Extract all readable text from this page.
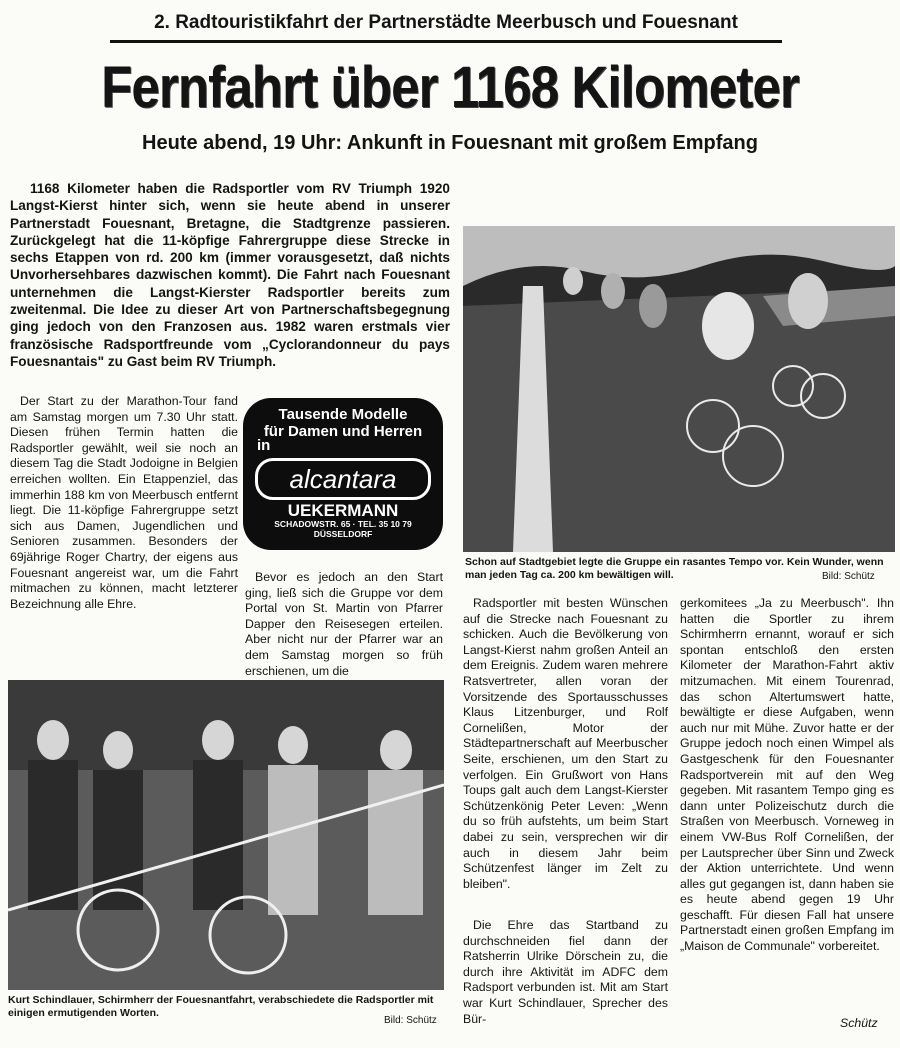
2. Radtouristikfahrt der Partnerstädte Meerbusch und Fouesnant
Fernfahrt über 1168 Kilometer
Heute abend, 19 Uhr: Ankunft in Fouesnant mit großem Empfang
1168 Kilometer haben die Radsportler vom RV Triumph 1920 Langst-Kierst hinter sich, wenn sie heute abend in unserer Partnerstadt Fouesnant, Bretagne, die Stadtgrenze passieren. Zurückgelegt hat die 11-köpfige Fahrergruppe diese Strecke in sechs Etappen von rd. 200 km (immer vorausgesetzt, daß nichts Unvorhersehbares dazwischen kommt). Die Fahrt nach Fouesnant unternehmen die Langst-Kierster Radsportler bereits zum zweitenmal. Die Idee zu dieser Art von Partnerschaftsbegegnung ging jedoch von den Franzosen aus. 1982 waren erstmals vier französische Radsportfreunde vom „Cyclorandonneur du pays Fouesnantais" zu Gast beim RV Triumph.
Schon auf Stadtgebiet legte die Gruppe ein rasantes Tempo vor. Kein Wunder, wenn man jeden Tag ca. 200 km bewältigen will.	Bild: Schütz
Der Start zu der Marathon-Tour fand am Samstag morgen um 7.30 Uhr statt. Diesen frühen Termin hatten die Radsportler gewählt, weil sie noch an diesem Tag die Stadt Jodoigne in Belgien erreichen wollten. Ein Etappenziel, das immerhin 188 km von Meerbusch entfernt liegt. Die 11-köpfige Fahrergruppe setzt sich aus Damen, Jugendlichen und Senioren zusammen. Besonders der 69jährige Roger Chartry, der eigens aus Fouesnant angereist war, um die Fahrt mitmachen zu können, macht letzterer Bezeichnung alle Ehre.
Tausende Modelle
für Damen und Herren
in
alcantara
UEKERMANN
SCHADOWSTR. 65 · TEL. 35 10 79
DÜSSELDORF
Bevor es jedoch an den Start ging, ließ sich die Gruppe vor dem Portal von St. Martin von Pfarrer Dapper den Reisesegen erteilen. Aber nicht nur der Pfarrer war an dem Samstag morgen so früh erschienen, um die
Kurt Schindlauer, Schirmherr der Fouesnantfahrt, verabschiedete die Radsportler mit einigen ermutigenden Worten.
Bild: Schütz
Radsportler mit besten Wünschen auf die Strecke nach Fouesnant zu schicken. Auch die Bevölkerung von Langst-Kierst nahm großen Anteil an dem Ereignis. Zudem waren mehrere Ratsvertreter, allen voran der Vorsitzende des Sportausschusses Klaus Litzenburger, und Rolf Cornelißen, Motor der Städtepartnerschaft auf Meerbuscher Seite, erschienen, um den Start zu verfolgen. Ein Grußwort von Hans Toups galt auch dem Langst-Kierster Schützenkönig Peter Leven: „Wenn du so früh aufstehts, um beim Start dabei zu sein, versprechen wir dir auch in diesem Jahr beim Schützenfest länger im Zelt zu bleiben".
Die Ehre das Startband zu durchschneiden fiel dann der Ratsherrin Ulrike Dörschein zu, die durch ihre Aktivität im ADFC dem Radsport verbunden ist. Mit am Start war Kurt Schindlauer, Sprecher des Bür-
gerkomitees „Ja zu Meerbusch". Ihn hatten die Sportler zu ihrem Schirmherrn ernannt, worauf er sich spontan entschloß den ersten Kilometer der Marathon-Fahrt aktiv mitzumachen. Mit einem Tourenrad, das schon Altertumswert hatte, bewältigte er diese Aufgaben, wenn auch nur mit Mühe. Zuvor hatte er der Gruppe jedoch noch einen Wimpel als Gastgeschenk für den Fouesnanter Radsportverein mit auf den Weg gegeben. Mit rasantem Tempo ging es dann unter Polizeischutz durch die Straßen von Meerbusch. Vorneweg in einem VW-Bus Rolf Cornelißen, der per Lautsprecher über Sinn und Zweck der Aktion unterrichtete. Und wenn alles gut gegangen ist, dann haben sie es heute abend gegen 19 Uhr geschafft. Für diesen Fall hat unsere Partnerstadt einen großen Empfang im „Maison de Communale" vorbereitet.
Schütz
